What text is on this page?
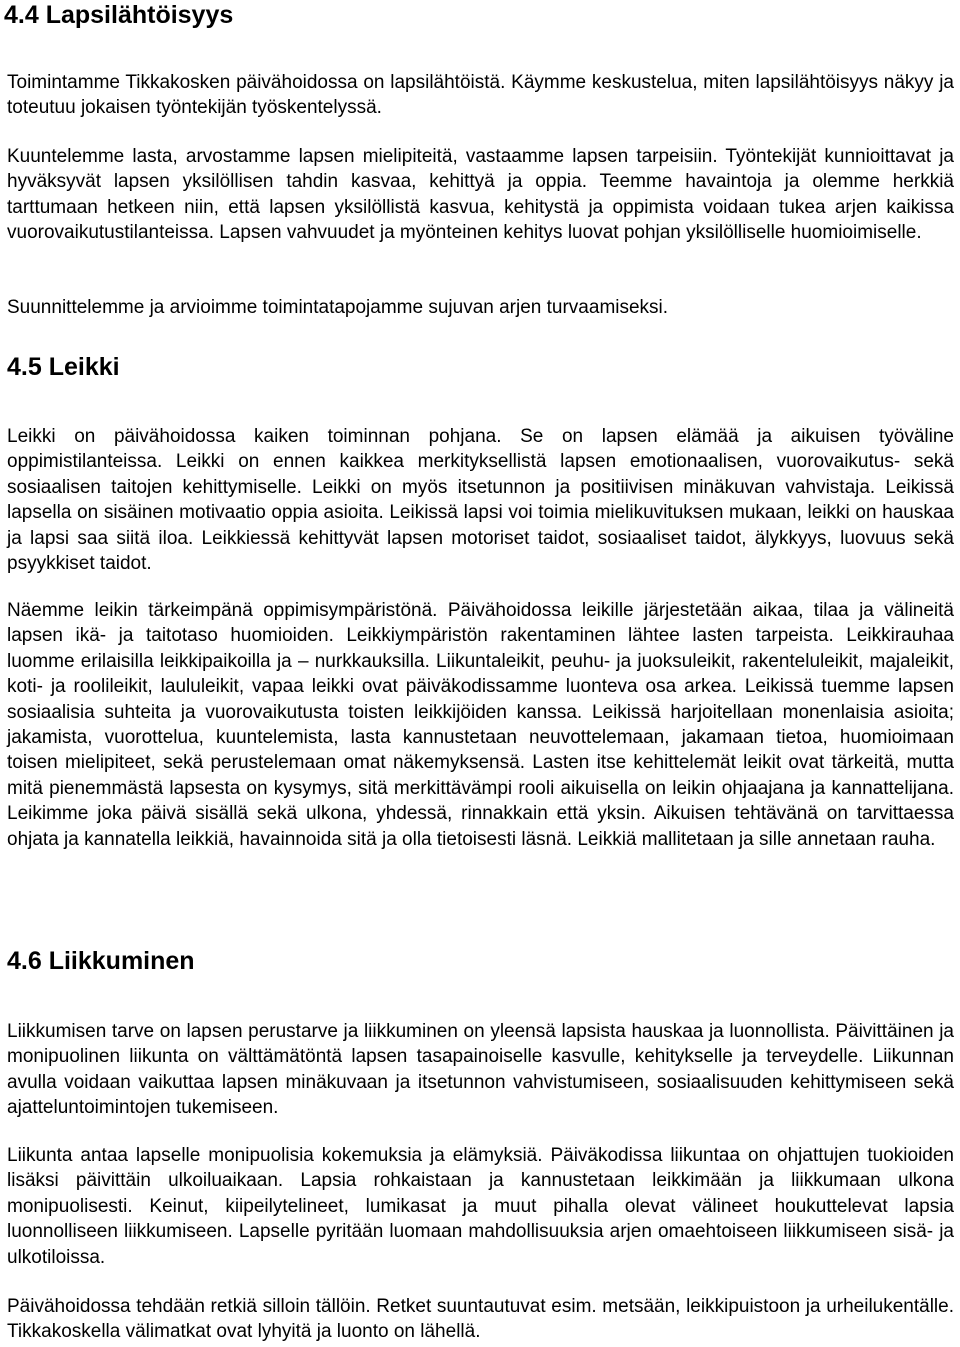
4.4 Lapsilähtöisyys

Toimintamme Tikkakosken päivähoidossa on lapsilähtöistä. Käymme keskustelua, miten lapsilähtöisyys näkyy ja toteutuu jokaisen työntekijän työskentelyssä.

Kuuntelemme lasta, arvostamme lapsen mielipiteitä, vastaamme lapsen tarpeisiin. Työntekijät kunnioittavat ja hyväksyvät lapsen yksilöllisen tahdin kasvaa, kehittyä ja oppia. Teemme havaintoja ja olemme herkkiä tarttumaan hetkeen niin, että lapsen yksilöllistä kasvua, kehitystä ja oppimista voidaan tukea arjen kaikissa vuorovaikutustilanteissa. Lapsen vahvuudet ja myönteinen kehitys luovat pohjan yksilölliselle huomioimiselle.

Suunnittelemme ja arvioimme toimintatapojamme sujuvan arjen turvaamiseksi.

4.5 Leikki

Leikki on päivähoidossa kaiken toiminnan pohjana. Se on lapsen elämää ja aikuisen työväline oppimistilanteissa. Leikki on ennen kaikkea merkityksellistä lapsen emotionaalisen, vuorovaikutus- sekä sosiaalisen taitojen kehittymiselle. Leikki on myös itsetunnon ja positiivisen minäkuvan vahvistaja. Leikissä lapsella on sisäinen motivaatio oppia asioita. Leikissä lapsi voi toimia mielikuvituksen mukaan, leikki on hauskaa ja lapsi saa siitä iloa. Leikkiessä kehittyvät lapsen motoriset taidot, sosiaaliset taidot, älykkyys, luovuus sekä psyykkiset taidot.

Näemme leikin tärkeimpänä oppimisympäristönä. Päivähoidossa leikille järjestetään aikaa, tilaa ja välineitä lapsen ikä- ja taitotaso huomioiden. Leikkiympäristön rakentaminen lähtee lasten tarpeista. Leikkirauhaa luomme erilaisilla leikkipaikoilla ja – nurkkauksilla. Liikuntaleikit, peuhu- ja juoksuleikit, rakenteluleikit, majaleikit, koti- ja roolileikit, laululeikit, vapaa leikki ovat päiväkodissamme luonteva osa arkea. Leikissä tuemme lapsen sosiaalisia suhteita ja vuorovaikutusta toisten leikkijöiden kanssa. Leikissä harjoitellaan monenlaisia asioita; jakamista, vuorottelua, kuuntelemista, lasta kannustetaan neuvottelemaan, jakamaan tietoa, huomioimaan toisen mielipiteet, sekä perustelemaan omat näkemyksensä. Lasten itse kehittelemät leikit ovat tärkeitä, mutta mitä pienemmästä lapsesta on kysymys, sitä merkittävämpi rooli aikuisella on leikin ohjaajana ja kannattelijana. Leikimme joka päivä sisällä sekä ulkona, yhdessä, rinnakkain että yksin. Aikuisen tehtävänä on tarvittaessa ohjata ja kannatella leikkiä, havainnoida sitä ja olla tietoisesti läsnä. Leikkiä mallitetaan ja sille annetaan rauha.

4.6 Liikkuminen

Liikkumisen tarve on lapsen perustarve ja liikkuminen on yleensä lapsista hauskaa ja luonnollista. Päivittäinen ja monipuolinen liikunta on välttämätöntä lapsen tasapainoiselle kasvulle, kehitykselle ja terveydelle. Liikunnan avulla voidaan vaikuttaa lapsen minäkuvaan ja itsetunnon vahvistumiseen, sosiaalisuuden kehittymiseen sekä ajatteluntoimintojen tukemiseen.

Liikunta antaa lapselle monipuolisia kokemuksia ja elämyksiä. Päiväkodissa liikuntaa on ohjattujen tuokioiden lisäksi päivittäin ulkoiluaikaan. Lapsia rohkaistaan ja kannustetaan leikkimään ja liikkumaan ulkona monipuolisesti. Keinut, kiipeilytelineet, lumikasat ja muut pihalla olevat välineet houkuttelevat lapsia luonnolliseen liikkumiseen. Lapselle pyritään luomaan mahdollisuuksia arjen omaehtoiseen liikkumiseen sisä- ja ulkotiloissa.

Päivähoidossa tehdään retkiä silloin tällöin. Retket suuntautuvat esim. metsään, leikkipuistoon ja urheilukentälle. Tikkakoskella välimatkat ovat lyhyitä ja luonto on lähellä.
